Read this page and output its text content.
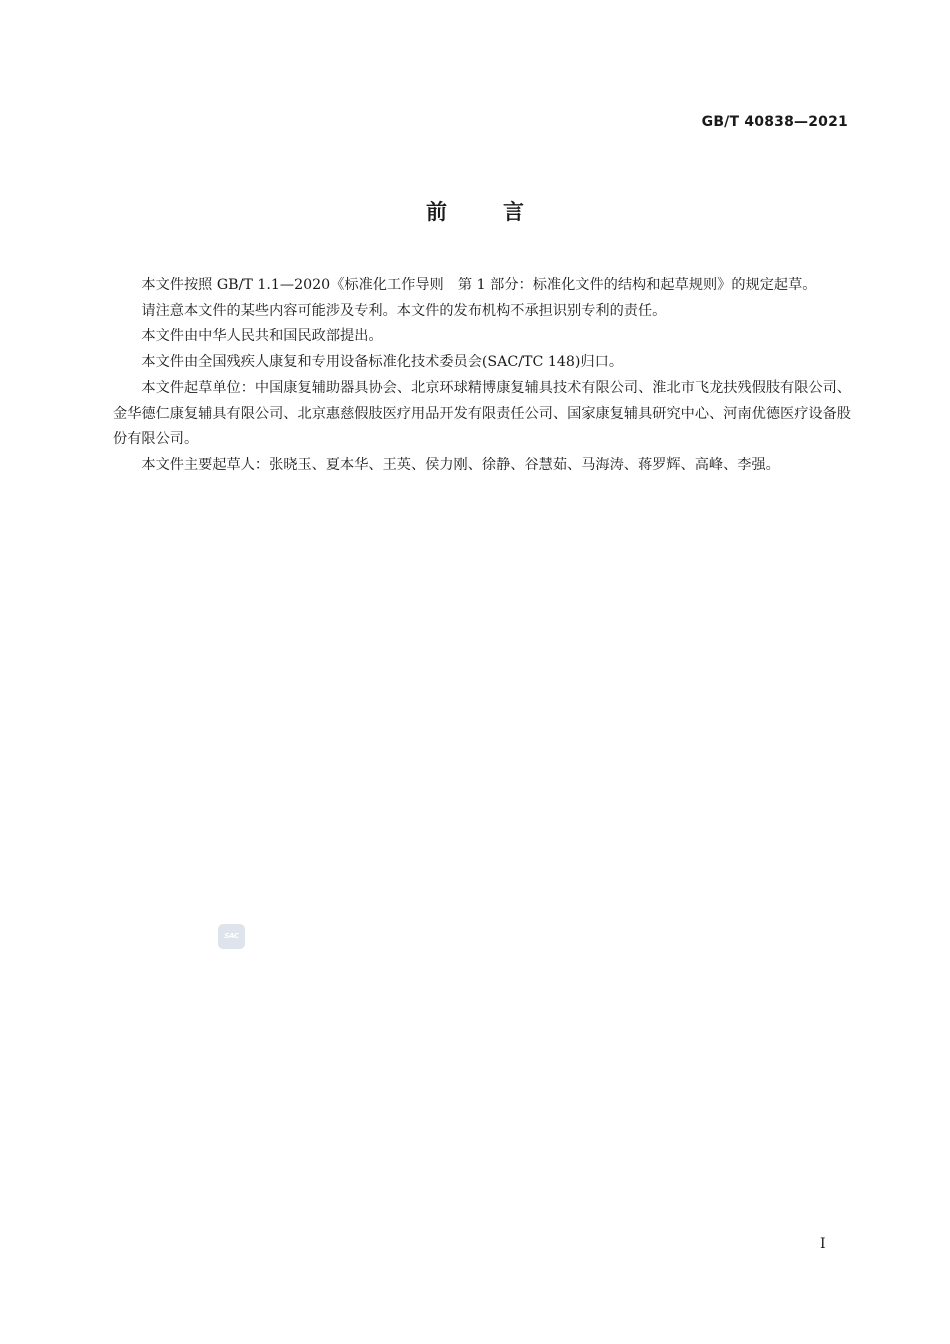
GB/T 40838—2021
前	言

本文件按照 GB/T 1.1—2020《标准化工作导则　第 1 部分：标准化文件的结构和起草规则》的规定起草。

请注意本文件的某些内容可能涉及专利。本文件的发布机构不承担识别专利的责任。

本文件由中华人民共和国民政部提出。

本文件由全国残疾人康复和专用设备标准化技术委员会(SAC/TC 148)归口。

本文件起草单位：中国康复辅助器具协会、北京环球精博康复辅具技术有限公司、淮北市飞龙扶残假肢有限公司、金华德仁康复辅具有限公司、北京惠慈假肢医疗用品开发有限责任公司、国家康复辅具研究中心、河南优德医疗设备股份有限公司。

本文件主要起草人：张晓玉、夏本华、王英、侯力刚、徐静、谷慧茹、马海涛、蒋罗辉、高峰、李强。

SAC
I
